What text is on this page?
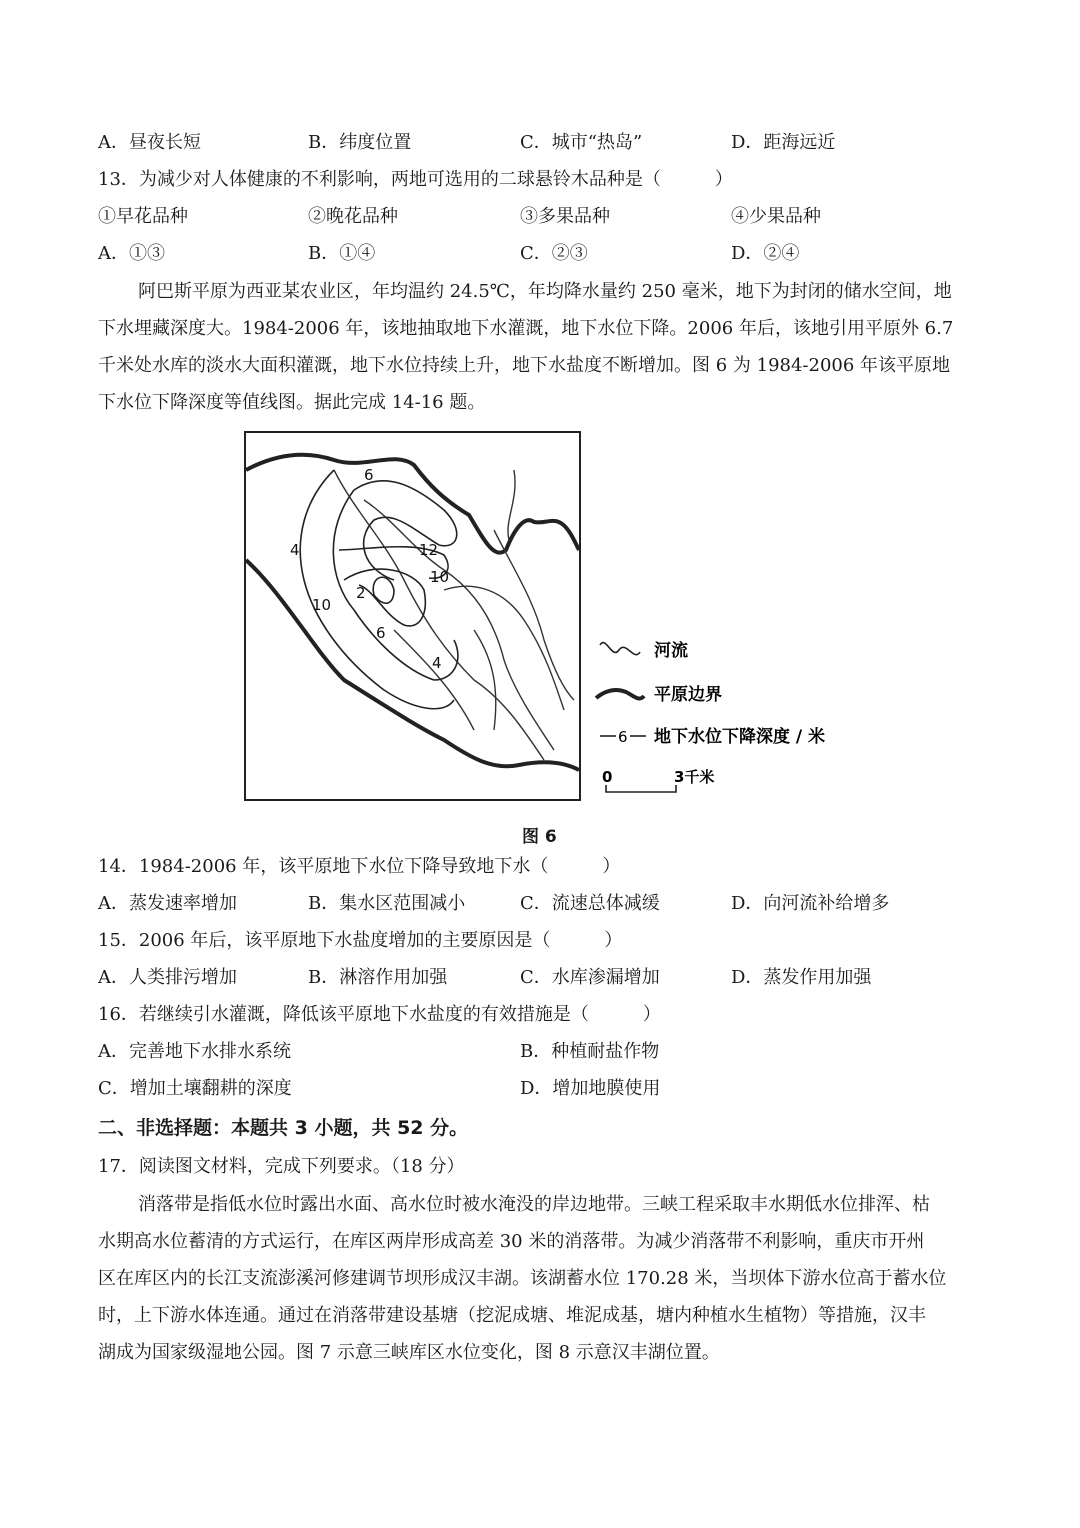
A．昼夜长短	B．纬度位置	C．城市“热岛”	D．距海远近
13．为减少对人体健康的不利影响，两地可选用的二球悬铃木品种是（　　　）
①早花品种	②晚花品种	③多果品种	④少果品种
A．①③	B．①④	C．②③	D．②④
阿巴斯平原为西亚某农业区，年均温约 24.5℃，年均降水量约 250 毫米，地下为封闭的储水空间，地
下水埋藏深度大。1984-2006 年，该地抽取地下水灌溉，地下水位下降。2006 年后，该地引用平原外 6.7
千米处水库的淡水大面积灌溉，地下水位持续上升，地下水盐度不断增加。图 6 为 1984-2006 年该平原地
下水位下降深度等值线图。据此完成 14-16 题。
6
4	12
10
10
2
6
4
河流
平原边界
6 地下水位下降深度 / 米
0	3千米
图 6
14．1984-2006 年，该平原地下水位下降导致地下水（　　　）
A．蒸发速率增加	B．集水区范围减小	C．流速总体减缓	D．向河流补给增多
15．2006 年后，该平原地下水盐度增加的主要原因是（　　　）
A．人类排污增加	B．淋溶作用加强	C．水库渗漏增加	D．蒸发作用加强
16．若继续引水灌溉，降低该平原地下水盐度的有效措施是（　　　）
A．完善地下水排水系统	B．种植耐盐作物
C．增加土壤翻耕的深度	D．增加地膜使用
二、非选择题：本题共 3 小题，共 52 分。
17．阅读图文材料，完成下列要求。（18 分）
消落带是指低水位时露出水面、高水位时被水淹没的岸边地带。三峡工程采取丰水期低水位排浑、枯
水期高水位蓄清的方式运行，在库区两岸形成高差 30 米的消落带。为减少消落带不利影响，重庆市开州
区在库区内的长江支流澎溪河修建调节坝形成汉丰湖。该湖蓄水位 170.28 米，当坝体下游水位高于蓄水位
时，上下游水体连通。通过在消落带建设基塘（挖泥成塘、堆泥成基，塘内种植水生植物）等措施，汉丰
湖成为国家级湿地公园。图 7 示意三峡库区水位变化，图 8 示意汉丰湖位置。
